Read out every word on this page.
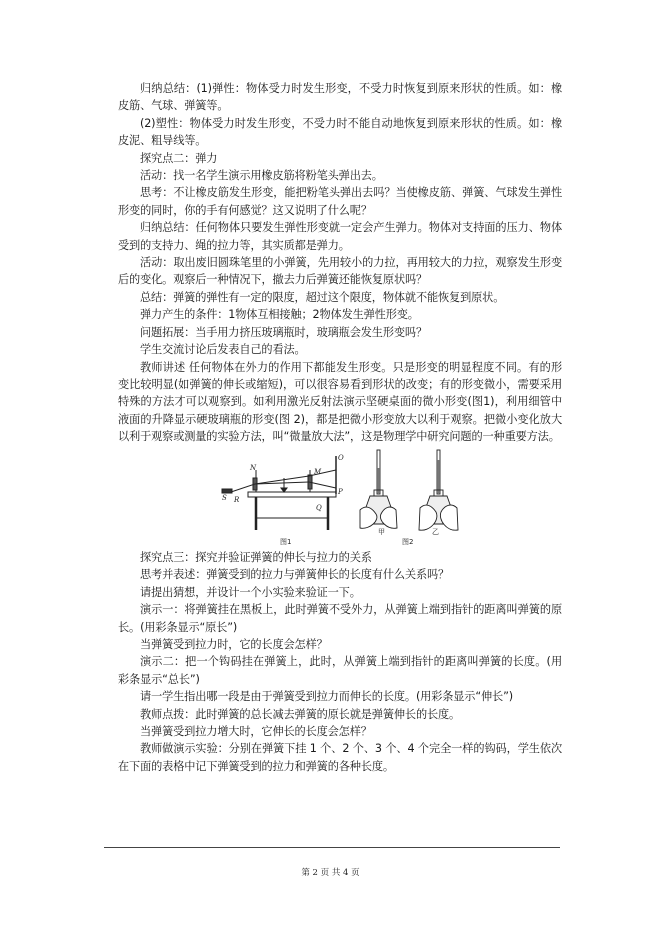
归纳总结：(1)弹性：物体受力时发生形变，不受力时恢复到原来形状的性质。如：橡皮筋、气球、弹簧等。

(2)塑性：物体受力时发生形变，不受力时不能自动地恢复到原来形状的性质。如：橡皮泥、粗导线等。

探究点二：弹力

活动：找一名学生演示用橡皮筋将粉笔头弹出去。

思考：不让橡皮筋发生形变，能把粉笔头弹出去吗？当使橡皮筋、弹簧、气球发生弹性形变的同时，你的手有何感觉？这又说明了什么呢？

归纳总结：任何物体只要发生弹性形变就一定会产生弹力。物体对支持面的压力、物体受到的支持力、绳的拉力等，其实质都是弹力。

活动：取出废旧圆珠笔里的小弹簧，先用较小的力拉，再用较大的力拉，观察发生形变后的变化。观察后一种情况下，撤去力后弹簧还能恢复原状吗？

总结：弹簧的弹性有一定的限度，超过这个限度，物体就不能恢复到原状。

弹力产生的条件：1物体互相接触；2物体发生弹性形变。

问题拓展：当手用力挤压玻璃瓶时，玻璃瓶会发生形变吗？

学生交流讨论后发表自己的看法。

教师讲述 任何物体在外力的作用下都能发生形变。只是形变的明显程度不同。有的形变比较明显(如弹簧的伸长或缩短)，可以很容易看到形状的改变；有的形变微小，需要采用特殊的方法才可以观察到。如利用激光反射法演示坚硬桌面的微小形变(图1)，利用细管中液面的升降显示硬玻璃瓶的形变(图 2)，都是把微小形变放大以利于观察。把微小变化放大以利于观察或测量的实验方法，叫“微量放大法”，这是物理学中研究问题的一种重要方法。

N	M
O
P
R
S
Q
图1
甲	乙
图2

探究点三：探究并验证弹簧的伸长与拉力的关系

思考并表述：弹簧受到的拉力与弹簧伸长的长度有什么关系吗？

请提出猜想，并设计一个小实验来验证一下。

演示一：将弹簧挂在黑板上，此时弹簧不受外力，从弹簧上端到指针的距离叫弹簧的原长。(用彩条显示“原长”)

当弹簧受到拉力时，它的长度会怎样？

演示二：把一个钩码挂在弹簧上，此时，从弹簧上端到指针的距离叫弹簧的长度。(用彩条显示“总长”)

请一学生指出哪一段是由于弹簧受到拉力而伸长的长度。(用彩条显示“伸长”)

教师点拨：此时弹簧的总长减去弹簧的原长就是弹簧伸长的长度。

当弹簧受到拉力增大时，它伸长的长度会怎样？

教师做演示实验：分别在弹簧下挂 1 个、2 个、3 个、4 个完全一样的钩码，学生依次在下面的表格中记下弹簧受到的拉力和弹簧的各种长度。

第 2 页 共 4 页
